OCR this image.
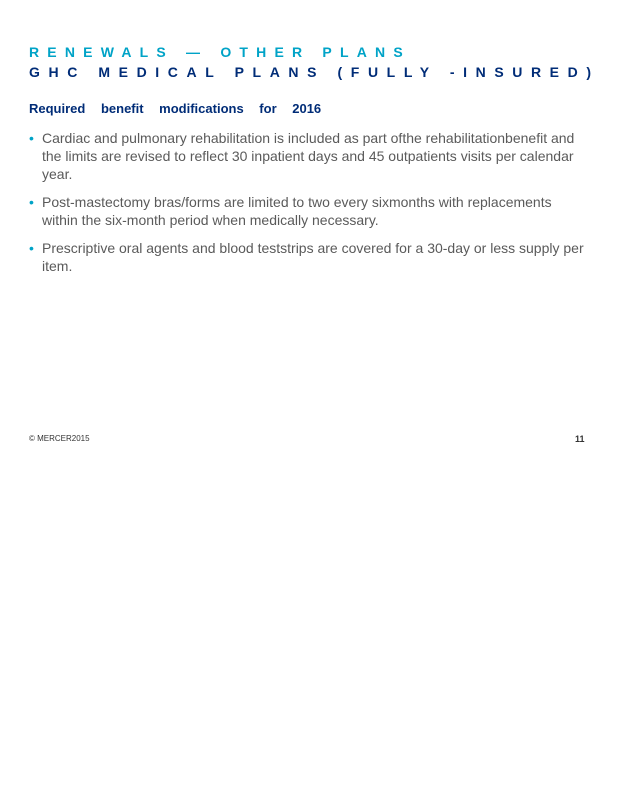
RENEWALS — OTHER PLANS
GHC MEDICAL PLANS (FULLY -INSURED)
Required benefit modifications for 2016
• Cardiac and pulmonary rehabilitation is included as part ofthe rehabilitationbenefit and the limits are revised to reflect 30 inpatient days and 45 outpatients visits per calendar year.
• Post-mastectomy bras/forms are limited to two every sixmonths with replacements within the six-month period when medically necessary.
• Prescriptive oral agents and blood teststrips are covered for a 30-day or less supply per item.
© MERCER2015	11
